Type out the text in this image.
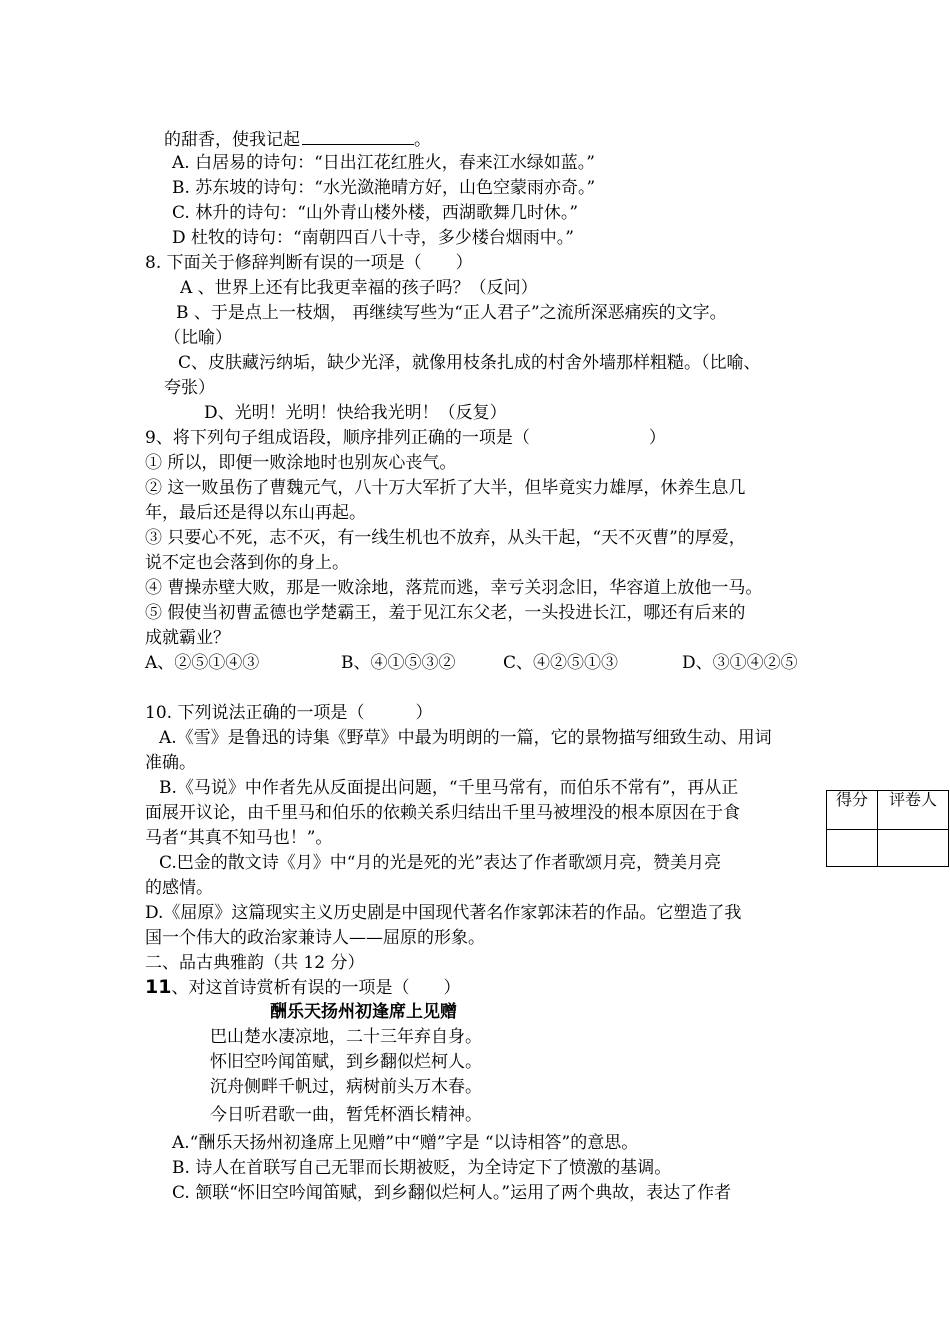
的甜香，使我记起	。
A. 白居易的诗句：“日出江花红胜火，春来江水绿如蓝。”
B. 苏东坡的诗句：“水光潋滟晴方好，山色空蒙雨亦奇。”
C. 林升的诗句：“山外青山楼外楼，西湖歌舞几时休。”
D 杜牧的诗句：“南朝四百八十寺，多少楼台烟雨中。”
8. 下面关于修辞判断有误的一项是（　　）
A 、世界上还有比我更幸福的孩子吗？（反问）
B 、于是点上一枝烟， 再继续写些为“正人君子”之流所深恶痛疾的文字。
（比喻）
C、皮肤藏污纳垢，缺少光泽，就像用枝条扎成的村舍外墙那样粗糙。（比喻、
夸张）
D、光明！光明！快给我光明！（反复）
9、将下列句子组成语段，顺序排列正确的一项是（　　　　　　　）
① 所以，即便一败涂地时也别灰心丧气。
② 这一败虽伤了曹魏元气，八十万大军折了大半，但毕竟实力雄厚，休养生息几
年，最后还是得以东山再起。
③ 只要心不死，志不灭，有一线生机也不放弃，从头干起，“天不灭曹”的厚爱，
说不定也会落到你的身上。
④ 曹操赤壁大败，那是一败涂地，落荒而逃，幸亏关羽念旧，华容道上放他一马。
⑤ 假使当初曹孟德也学楚霸王，羞于见江东父老，一头投进长江，哪还有后来的
成就霸业？
A、②⑤①④③	B、④①⑤③②	C、④②⑤①③	D、③①④②⑤
10. 下列说法正确的一项是（　　　）
A.《雪》是鲁迅的诗集《野草》中最为明朗的一篇，它的景物描写细致生动、用词
准确。
B.《马说》中作者先从反面提出问题，“千里马常有，而伯乐不常有”，再从正
面展开议论，由千里马和伯乐的依赖关系归结出千里马被埋没的根本原因在于食
马者“其真不知马也！”。
C.巴金的散文诗《月》中“月的光是死的光”表达了作者歌颂月亮，赞美月亮
的感情。
D.《屈原》这篇现实主义历史剧是中国现代著名作家郭沫若的作品。它塑造了我
国一个伟大的政治家兼诗人——屈原的形象。
得分	评卷人

二、品古典雅韵（共 12 分）
11、对这首诗赏析有误的一项是（　　）
酬乐天扬州初逢席上见赠
巴山楚水凄凉地，二十三年弃自身。
怀旧空吟闻笛赋，到乡翻似烂柯人。
沉舟侧畔千帆过，病树前头万木春。
今日听君歌一曲，暂凭杯酒长精神。
A.“酬乐天扬州初逢席上见赠”中“赠”字是 “以诗相答”的意思。
B. 诗人在首联写自己无罪而长期被贬，为全诗定下了愤激的基调。
C. 颔联“怀旧空吟闻笛赋，到乡翻似烂柯人。”运用了两个典故，表达了作者
